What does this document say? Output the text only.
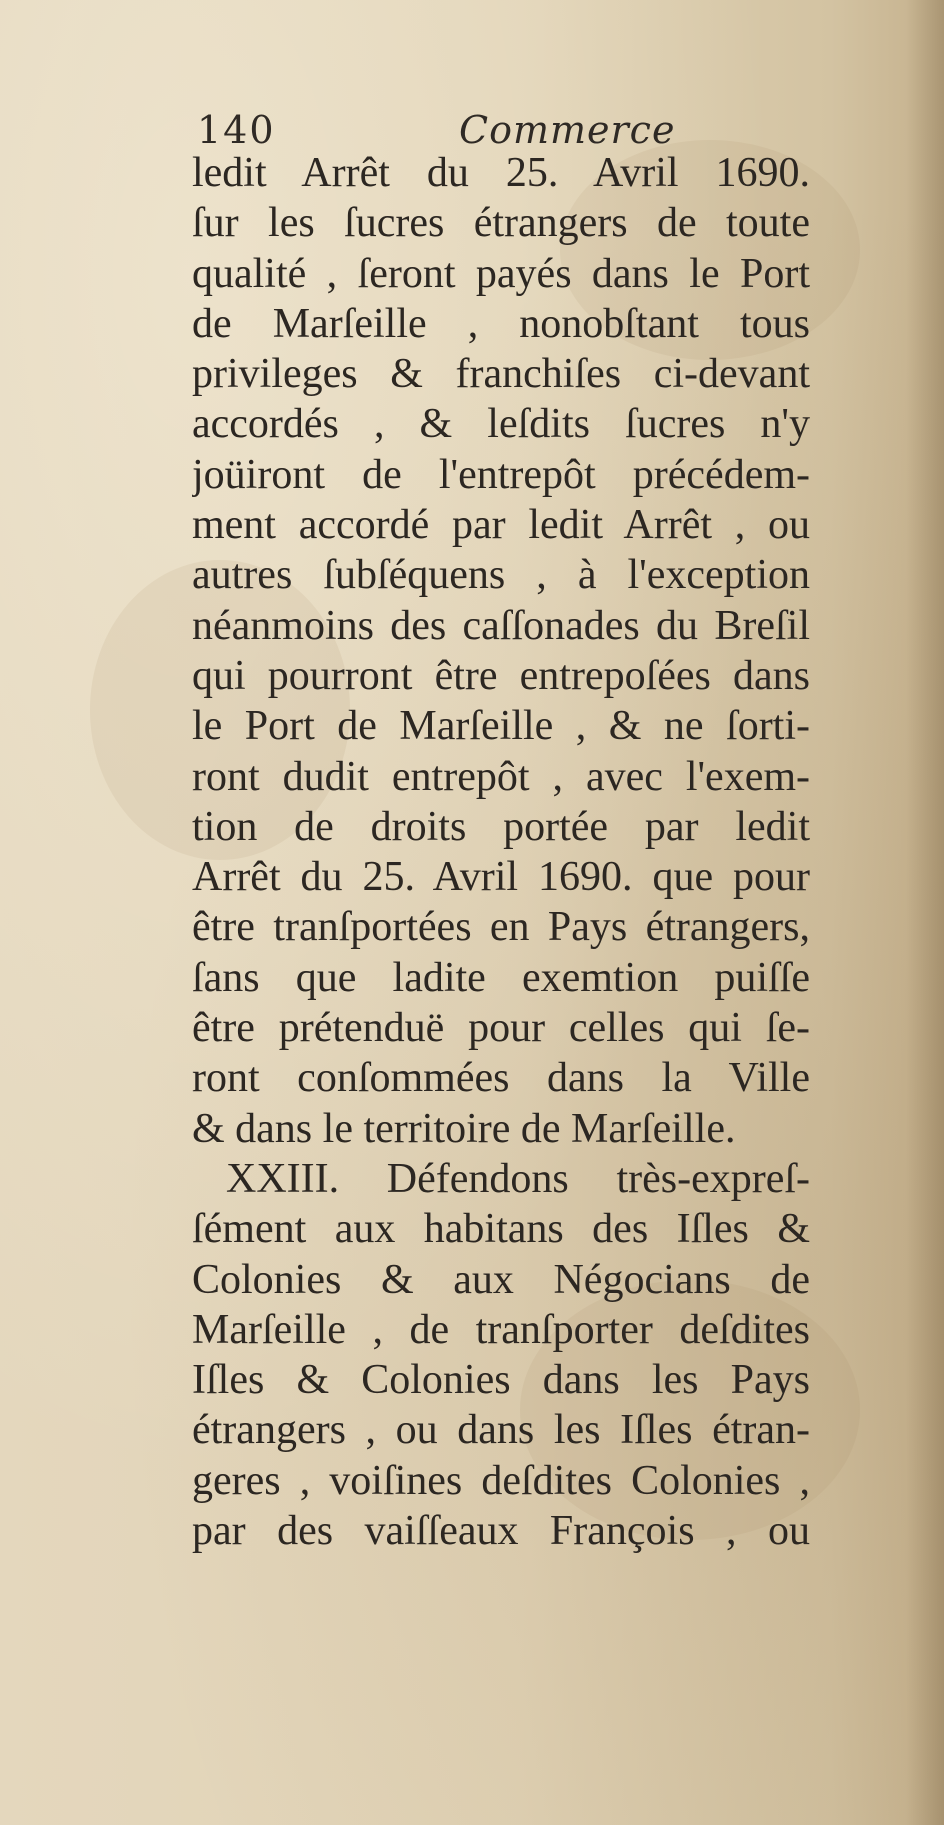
140	Commerce
ledit Arrêt du 25. Avril 1690.
ſur les ſucres étrangers de toute
qualité , ſeront payés dans le Port
de Marſeille , nonobſtant tous
privileges & franchiſes ci-devant
accordés , & leſdits ſucres n'y
joüiront de l'entrepôt précédem-
ment accordé par ledit Arrêt , ou
autres ſubſéquens , à l'exception
néanmoins des caſſonades du Breſil
qui pourront être entrepoſées dans
le Port de Marſeille , & ne ſorti-
ront dudit entrepôt , avec l'exem-
tion de droits portée par ledit
Arrêt du 25. Avril 1690. que pour
être tranſportées en Pays étrangers,
ſans que ladite exemtion puiſſe
être prétenduë pour celles qui ſe-
ront conſommées dans la Ville
& dans le territoire de Marſeille.
XXIII. Défendons très-expreſ-
ſément aux habitans des Iſles &
Colonies & aux Négocians de
Marſeille , de tranſporter deſdites
Iſles & Colonies dans les Pays
étrangers , ou dans les Iſles étran-
geres , voiſines deſdites Colonies ,
par des vaiſſeaux François , ou
